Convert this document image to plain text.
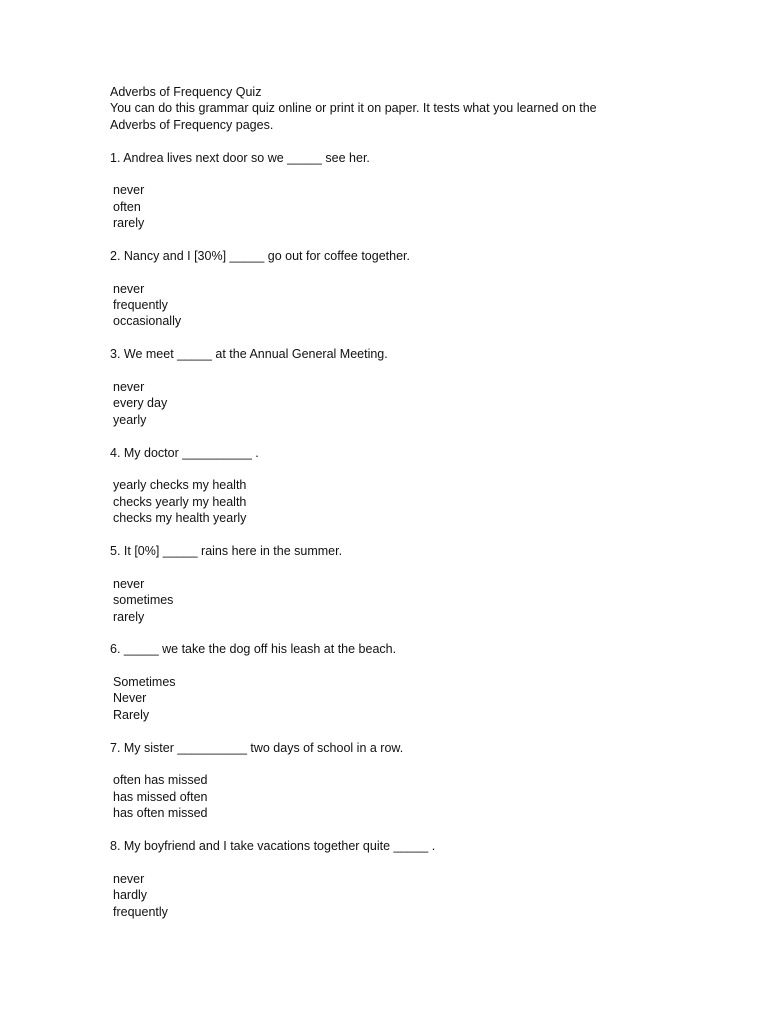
Adverbs of Frequency Quiz
You can do this grammar quiz online or print it on paper. It tests what you learned on the
Adverbs of Frequency pages.
1. Andrea lives next door so we _____ see her.
never
often
rarely
2. Nancy and I [30%] _____ go out for coffee together.
never
frequently
occasionally
3. We meet _____ at the Annual General Meeting.
never
every day
yearly
4. My doctor __________ .
yearly checks my health
checks yearly my health
checks my health yearly
5. It [0%] _____ rains here in the summer.
never
sometimes
rarely
6. _____ we take the dog off his leash at the beach.
Sometimes
Never
Rarely
7. My sister __________ two days of school in a row.
often has missed
has missed often
has often missed
8. My boyfriend and I take vacations together quite _____ .
never
hardly
frequently
